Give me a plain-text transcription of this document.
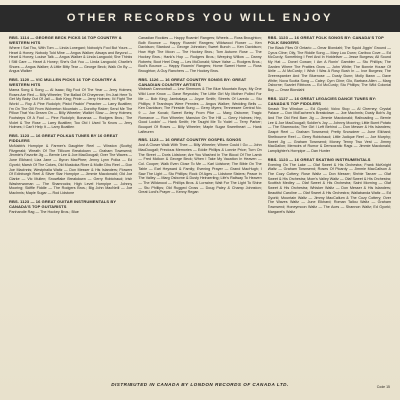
OTHER RECORDS YOU WILL ENJOY
RBS. 1114 — GEORGE BECK PICKS 16 TOP COUNTRY & WESTERN HITS
Where I Sat Thu, With Tom — Linda Lonegani; Nobody's Fool But Yours — Heart & Honey; Nobody Told Mine — Angus Walker; Always and Beyond — Heart & Honey; Louise Talk — Angus Walker & Linda Langoold; She Thinks I Still Care — Heart & Honey; She's Got You — Linda Langoold; Charlie's Shoes — Angus Walker; A Little Bitty Tear — George Beck; Walk On By — Angus Walker
RBS. 1120 — VIC MULLEN PICKS 16 TOP COUNTRY & WESTERN HITS
Mama Song & Song — Al Isaac; Big Fool Of The Year — Jerry Holmes; Roses Are Red — Billy Wheeler; The Ballad Of Cheyenne; I'm Just Here To Get My Baby Out Of Jail — Bob King; Pride — Jerry Holmes; I'd Fight The World — Roy & Pine Rudolph; Pistol Packin' Preacher — Larry Boatlien; I'm On The Gill From Wolverton Mountain — Dorothy Raker; Send Me The Pillow That You Dream On — Billy Wheeler; Walkin' Slow — Jerry Holmes; Footsteps Of A Fool — Pine Rudolph; Bonanza — Rodgers Bros.; The Violet & The Rose — Larry Boatlien; Too Old I Used To Know — Jerry Holmes; I Can't Help It — Larry Boatlien
RBS. 1123 — 16 GREAT POLKAS TUNES BY 16 GREAT FIDDLERS
McNabb's Hornpipe & Farmer's Daughter Reel — Winston (Scotty) Fitzgerald; Wreath Of The Tillicum Breakdown — Graham Townsend; Jimmie's Favorite Jig — Bernie Lee & Joe MacDougall; Over The Waves — June Elkhard; Liza Jane — Byron MacPhee; Jenny Lynn Polka — Ed Gyorki; Marsh Of The Cokes, Old Muskoka River & Mullin Dhu Reel — Don Joe MacInnis; Westphalia Waltz — Don Messer & His Islanders; Flowers Of Edinburgh Reel & Silver Star Hornpipe — Jimmie Macdonald; Old Joe Clarke — Vic Mullen; Snowflake Breakdown — Gerry Robichaud; Irish Washerwoman — The Shamrocks; High Level Hornpipe — Johnny Mooring; Skiffle Fiddle — The Rodgers Bros.; Big John MacNeill — Joe MacInnis; Maple Sugar — Rod Lidstone
RBS. 1123 — 16 GREAT GUITAR INSTRUMENTALS BY CANADA'S TOP GUITARISTS
Panhandle Rag — The Hockey Bros.; Blue
Canadian Rockies — Happy Roamin' Rangers; Wheels — Ross Broughton; Bulb Bounce — Happy Roamin' Rangers; Wildwood Flower — Ken Davidson; Stardust — George Johnston; Sweet Bunch — Ken Davidson; How High The Moon — The Hockey Bros.; Tom Autumn Rose — The Hockey Bros.; Hank's Hop — Rodgers Bros.; Weeping Willow — Danny Roberts; Boot Heel Drag — Les McDonald; Wave Valse — Rodgers Bros.; Bud's Bounce — Happy Roamin' Rangers; Home Sweet Home — Ross Broughton; A Guy Ranchers — The Hockey Bros.
RBS. 1126 — 16 GREAT COUNTRY SONGS BY: GREAT CANADIAN COUNTRY ARTISTS
Wabash Cannonball — Lew Simmons & The Blue Mountain Boys; My One Wild Love Know — Dave Reynolds; The Little Girl My Mother Pulled For Me — Bob King; Jambalaya — Joyce Smith; Streets Of Laredo — Stu Phillips; If Teardrops Were Pennies — Angus Walker; Wedding Bells — Ken Davidson; The Fireside Sung — Gerry Myers; Tennessee Central No. 9 — Joe Kovak; Sweet Betsy From Pike — Marg Osborne; Tragic Romance — Ron Wheeler; Mansion On The Hill — Gerry Holmes; Hey, Good Lookin' — Hank Smith; He Taught Me To Yodel — Terry Parker; Bouquet Of Roses — Billy Wheeler; Maple Sugar Sweetheart — Hank Lafleuren
RBS. 1123 — 16 GREAT COUNTRY GOSPEL SONGS
Just A Closer Walk With Thee — Billy Wheeler; Where Could I Go — John MacDougall; Precious Memories — Eddie Phillips & Lonnie Price; Turn On The Street — Doris Lidstone; Are You Washed In The Blood Of The Lamb — Fred Mcikon & George Beck; When I Take My Vacation In Heaven — Col. Cooper; Walk Even Close To Me — Karl Lidstone; The Bible On The Table — Earl Heyward & Family; Evening Prayer — Grand MacHugh; I Saw The Light — Stu Phillips; Rock Of Ages — Lidstone Sisters; Peace In The Valley — Marg Osborne & Dusty Heinzerling; Life's Railway To Heaven — The Wildwood — Phillips Bros. & Lorraine; Wait For The Light To Shine — Stu Phillips; Old Rugged Cross — Doug Paley & Champ Johnston; Great Lord's Prayer — Kenny Regan
RBS. 1123 — 16 GREAT FOLK SONGS BY: CANADA'S TOP FOLK SINGERS
The Black Flies Of Ontario — Omar Blondahl; The Squid Jiggin' Ground — Cyrus Cline; Oily, The Riddle Song — Mary Lou Dunn; Cariboo Cove — Ed McCurdy; Something I Feel And In Hotdeliver — Jesse Burgess; All Sound My Hat — Donel Cowan; I Am A Ronin' Gambler — Stu Phillips; The Garden Where The Pratties Grow — John White; The Bonnie House Of Airlie — Al McCurdy; I Wish I Was A Rosy Bush In — Ivor Burgess; The Greenspanker And The Bluenose — Dusty Dunn; Molly Bawn — Dave White; Nova Scotia Song — Caley; Cyrn Cline; Glo, Barbara Allen — Marg Osborne; Scarlet Ribbons — Ed McCurdy; Stu Phillips; The Wild Colonial Boy — Omar Blondahl
RBS. 1127 — 16 GREAT LEGACIES DANCE TUNES BY: CANADA'S TOP FIDDLERS
Smash The Window — Ed Gyorki; Volvo Stop — Al Cherney; Crystal Palace — Don McEachern's Breakdown — Joe MacInnis; Dusty Bob's Jig And The Old Red Barn Jig — Jimmie Macdonald; Railroading — Bernie Lee & Joe MacDougall; Soldier's Joy — Johnny Mooring; Little Burnt Potato — The Shamrocks; The Girl I Left Behind — Don Messer & His Islanders; Gaspé Reel — Graham Townsend; Pretty Snowdeer — June Elkhard; Shelbourne Reel — Gerry Robichaud; Little Judique Reel — Joe Murphy; Sweet Jig — Graham Townsend; Money Tenny Two Vest — Jimmy MacDallon; Memoirs of Rumor & Democratic Rags — Jimmie Macdonald; Lamplighter's Hornpipe — Dan Hunter
RBS. 1123 — 16 GREAT SKATING INSTRUMENTALS
Evening On The Lake — Olaf Sweet & His Orchestra; Frank McKnight Waltz — Graham Townsend; Roses Of Picardy — Jimmie MacCallson & The Cozy Cottery; Rose Waltz — Don Messer; Shrbie Tanzer — Olaf Sweet & His Orchestra; Mom's Valley Waltz — Olaf Sweet & His Orchestra; Scottish Medley — Olaf Sweet & His Orchestra; Saint Morning — Olaf Sweet & His Orchestra; Whisker Waltz — Don Messer & His Islanders; Beautiful Caroline — Olaf Sweet & His Orchestra; Wallabanda Waltz — Ed Gyorki; Mountain Waltz — Jimmy MacCallum & The Cozy Cottery; Over The Waves Waltz — June Elkhard; Roman Tallou Waltz — Graham Townsend; Honeymoon Waltz — The Aces — Shannon Waltz; Ed Gyorki; Margaret's Waltz
DISTRIBUTED IN CANADA BY LONDON RECORDS OF CANADA LTD.	Code 15
